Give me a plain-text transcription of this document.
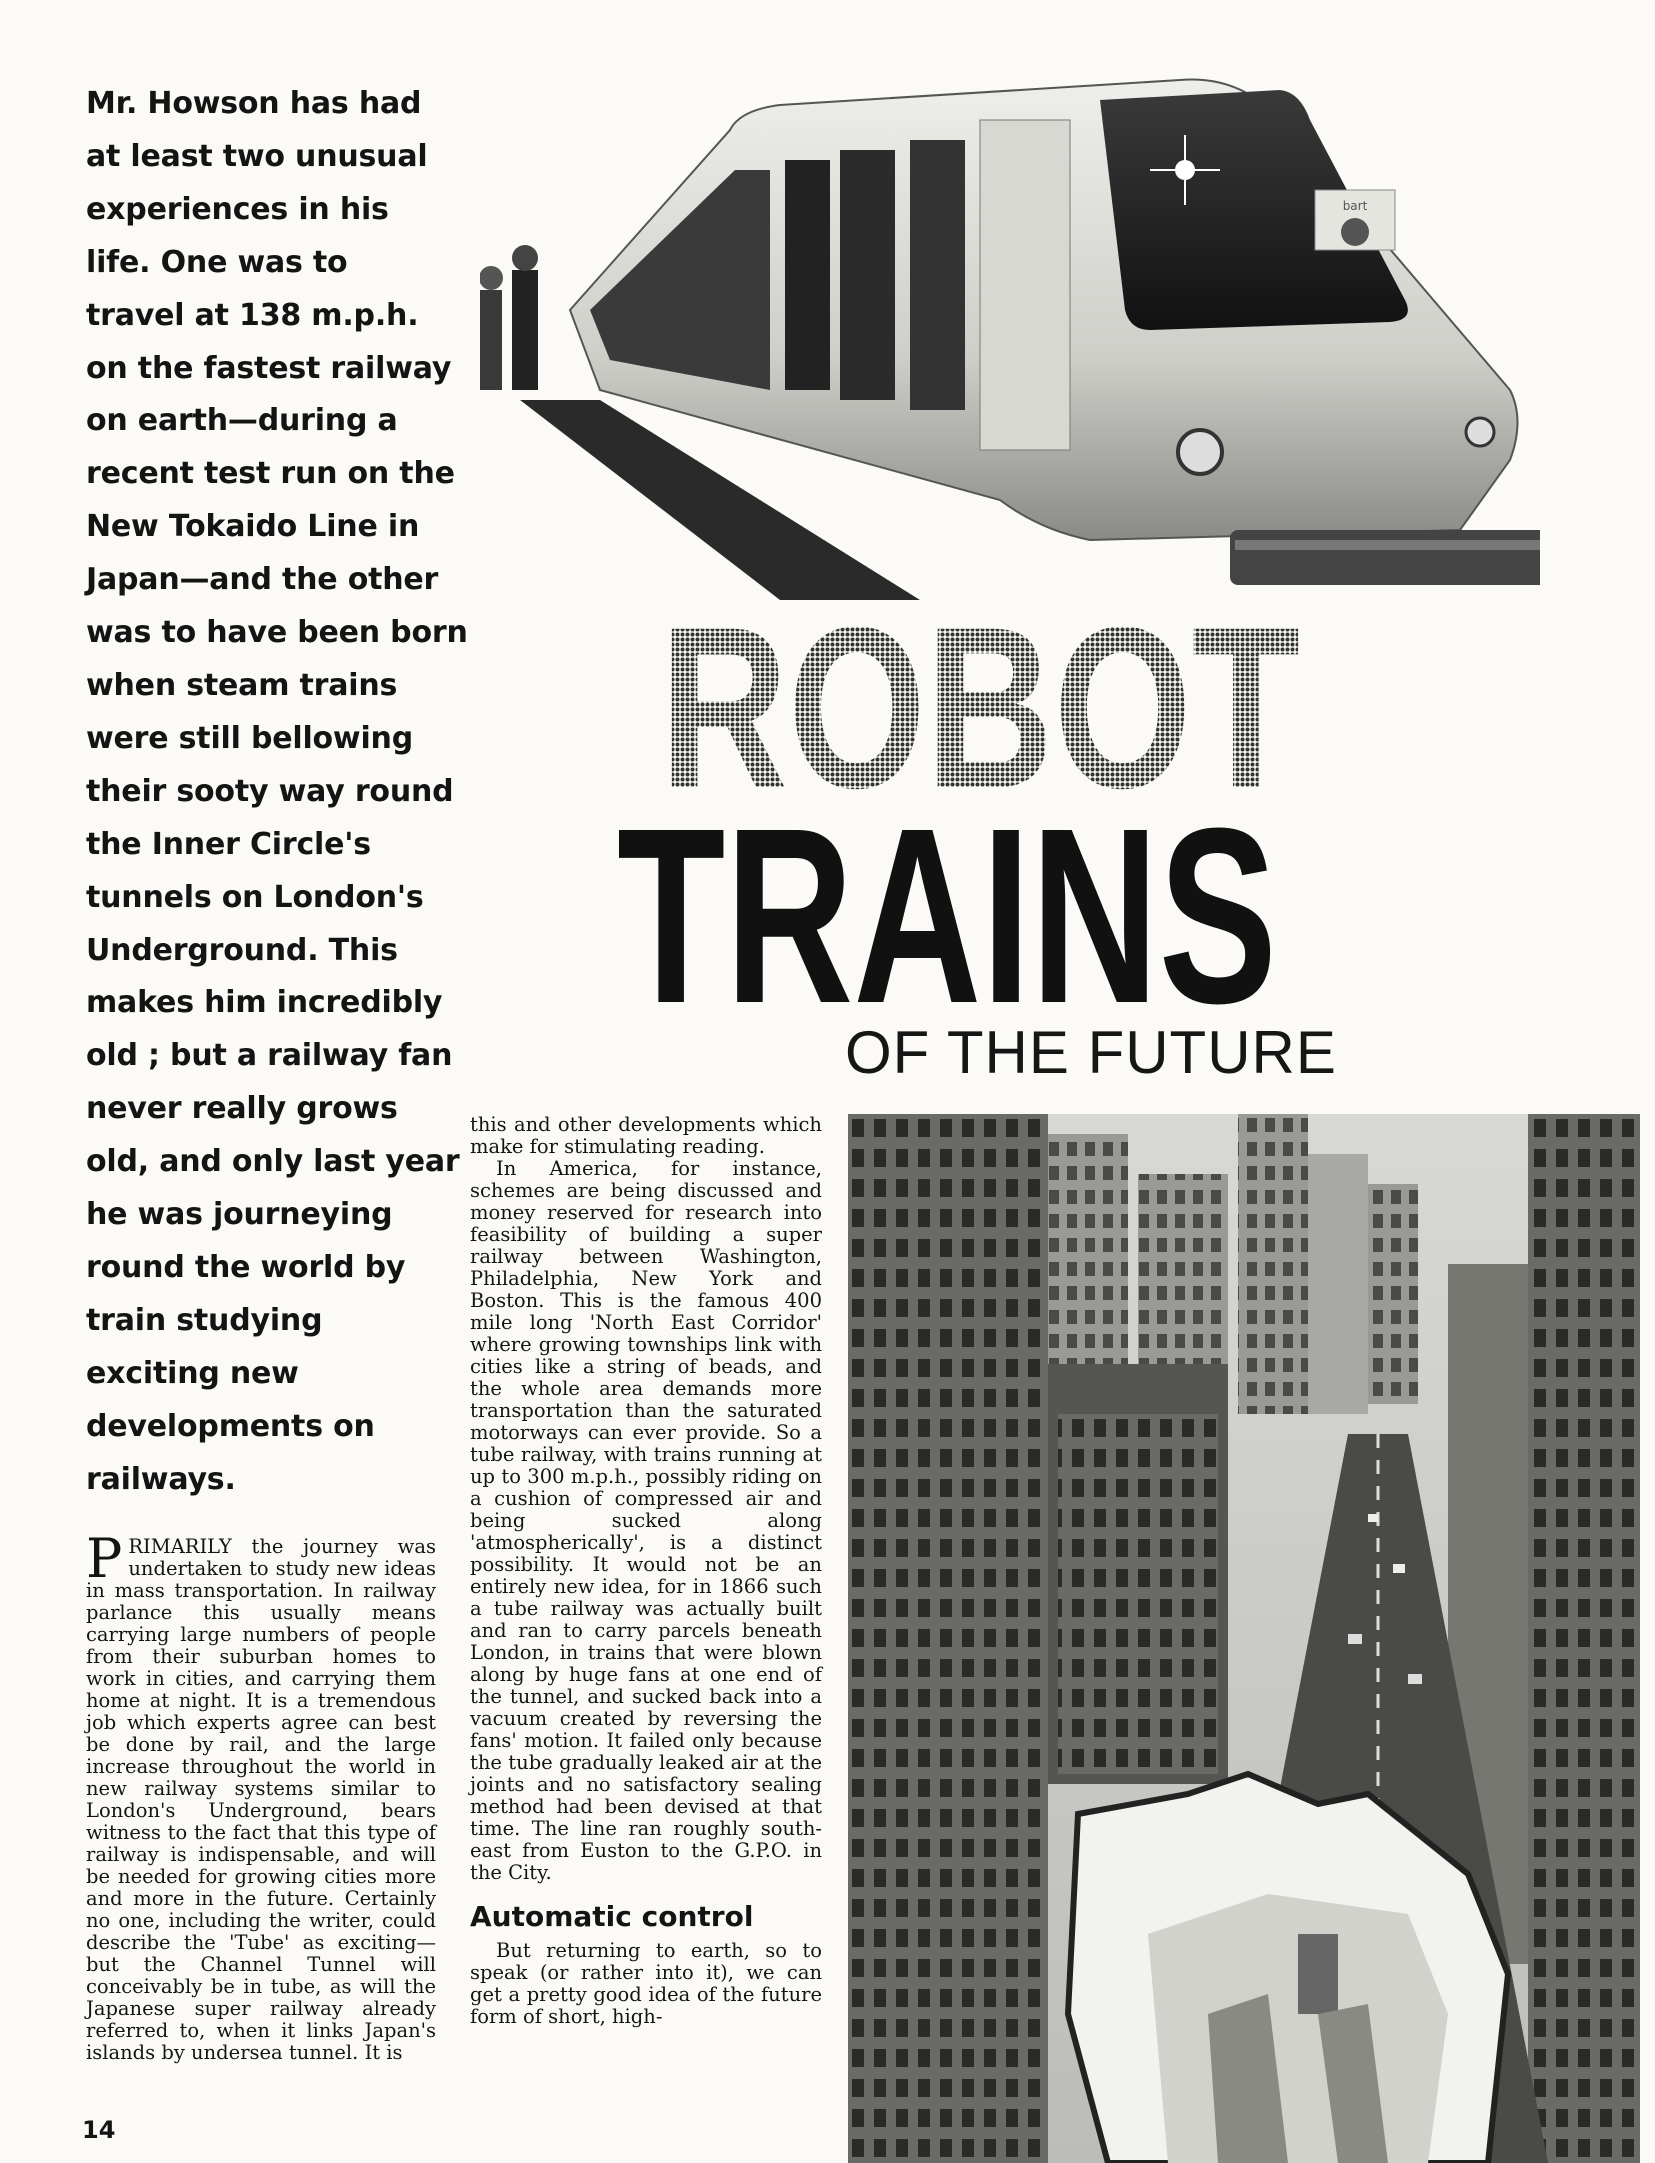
Mr. Howson has had
at least two unusual
experiences in his
life. One was to
travel at 138 m.p.h.
on the fastest railway
on earth—during a
recent test run on the
New Tokaido Line in
Japan—and the other
was to have been born
when steam trains
were still bellowing
their sooty way round
the Inner Circle's
tunnels on London's
Underground. This
makes him incredibly
old ; but a railway fan
never really grows
old, and only last year
he was journeying
round the world by
train studying
exciting new
developments on
railways.
bart
ROBOT
TRAINS
OF THE FUTURE

PRIMARILY the journey was undertaken to study new ideas in mass transportation. In railway parlance this usually means carrying large numbers of people from their suburban homes to work in cities, and carrying them home at night. It is a tremendous job which experts agree can best be done by rail, and the large increase throughout the world in new railway systems similar to London's Underground, bears witness to the fact that this type of railway is indispensable, and will be needed for growing cities more and more in the future. Certainly no one, including the writer, could describe the 'Tube' as exciting—but the Channel Tunnel will conceivably be in tube, as will the Japanese super railway already referred to, when it links Japan's islands by undersea tunnel. It is

this and other developments which make for stimulating reading.

In America, for instance, schemes are being discussed and money reserved for research into feasibility of building a super railway between Washington, Philadelphia, New York and Boston. This is the famous 400 mile long 'North East Corridor' where growing townships link with cities like a string of beads, and the whole area demands more transportation than the saturated motorways can ever provide. So a tube railway, with trains running at up to 300 m.p.h., possibly riding on a cushion of compressed air and being sucked along 'atmospherically', is a distinct possibility. It would not be an entirely new idea, for in 1866 such a tube railway was actually built and ran to carry parcels beneath London, in trains that were blown along by huge fans at one end of the tunnel, and sucked back into a vacuum created by reversing the fans' motion. It failed only because the tube gradually leaked air at the joints and no satisfactory sealing method had been devised at that time. The line ran roughly south-east from Euston to the G.P.O. in the City.

Automatic control

But returning to earth, so to speak (or rather into it), we can get a pretty good idea of the future form of short, high-

14
